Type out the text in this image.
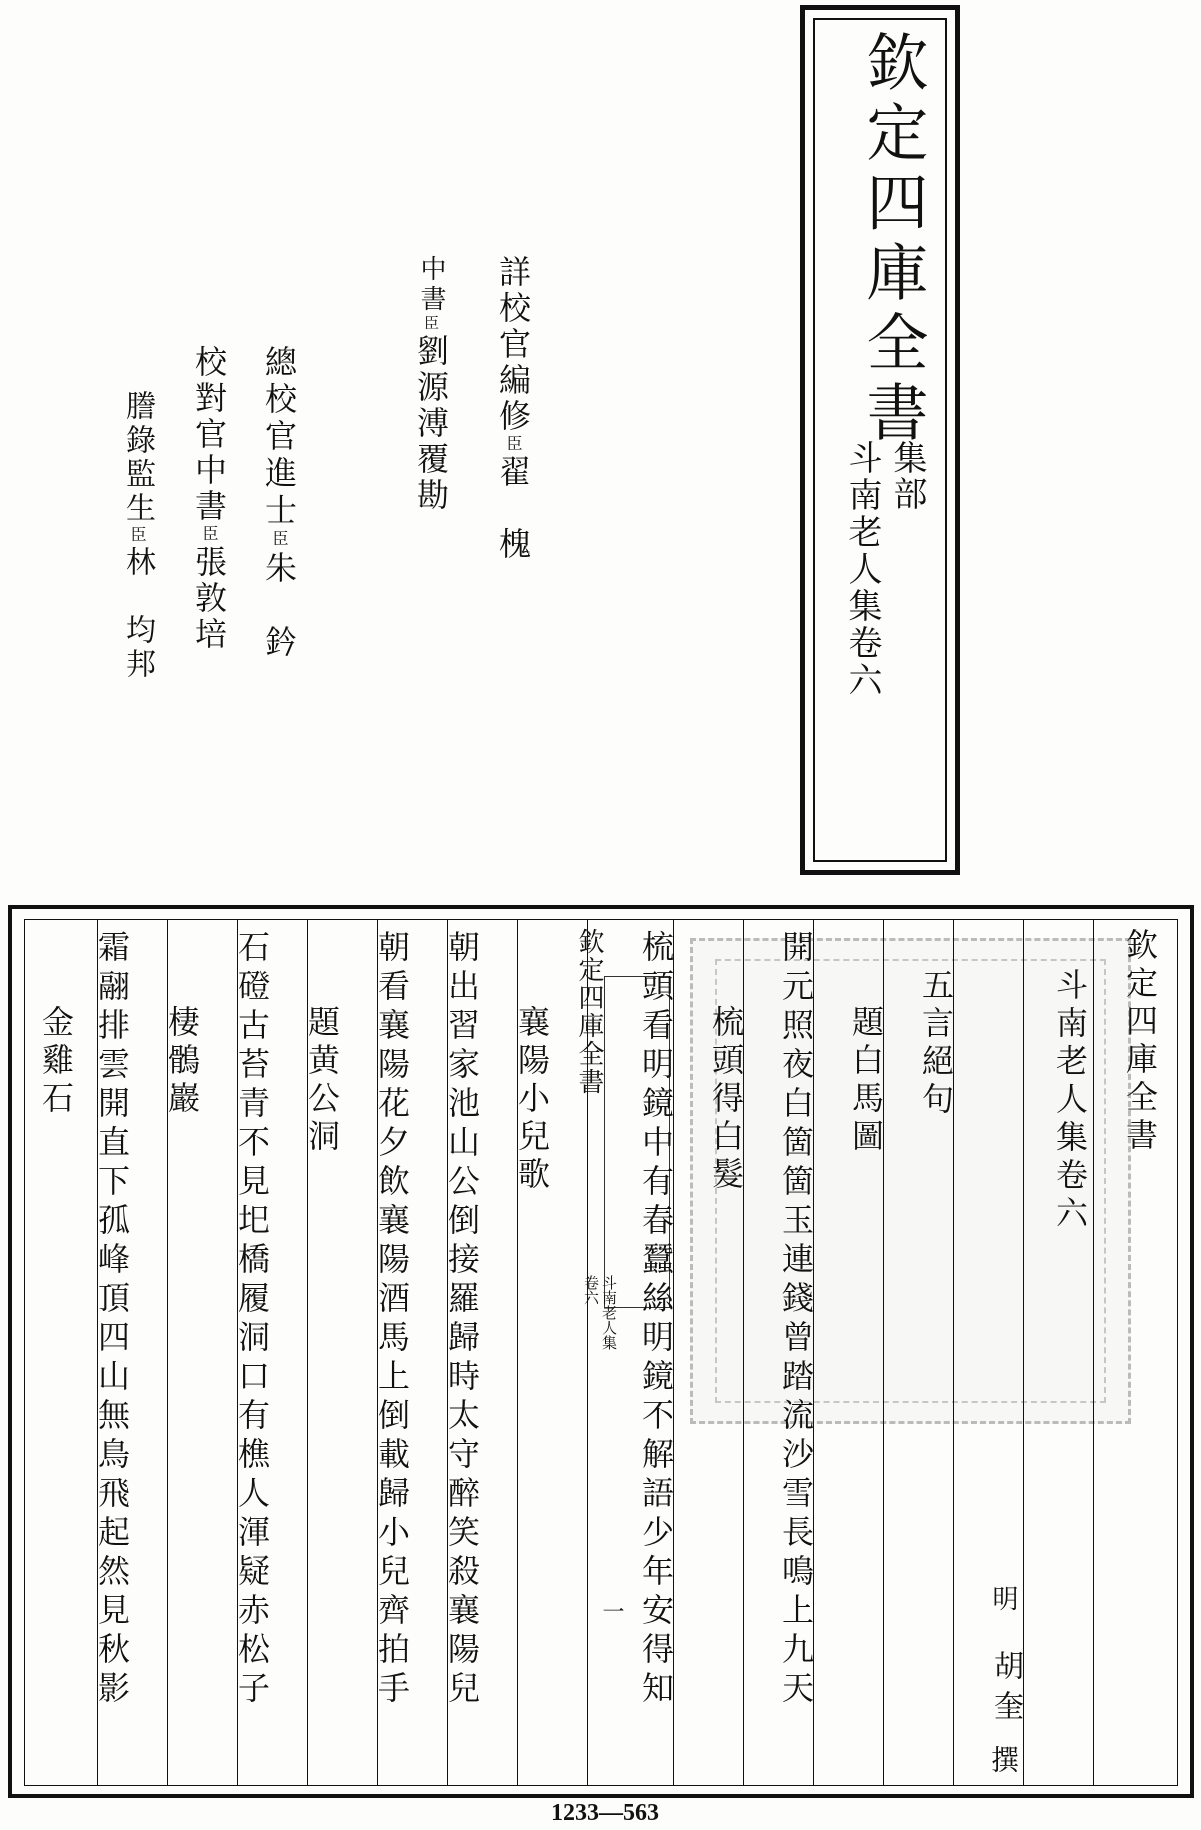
欽定四庫全書
集部
斗南老人集卷六
詳校官編修臣翟　槐
中書臣劉源溥覆勘
總校官進士臣朱　鈐
校對官中書臣張敦培
謄錄監生臣林　均邦
欽定四庫全書
斗南老人集卷六
明
胡奎
撰
五言絕句
題白馬圖
開元照夜白箇箇玉連錢曾踏流沙雪長鳴上九天
梳頭得白髮
梳頭看明鏡中有春蠶絲明鏡不解語少年安得知
欽定四庫全書
斗南老人集
卷六
一
襄陽小兒歌
朝出習家池山公倒接羅歸時太守醉笑殺襄陽兒
朝看襄陽花夕飲襄陽酒馬上倒載歸小兒齊拍手
題黄公洞
石磴古苔青不見圯橋履洞口有樵人渾疑赤松子
棲鶻巖
霜翮排雲開直下孤峰頂四山無鳥飛起然見秋影
金雞石
1233—563
